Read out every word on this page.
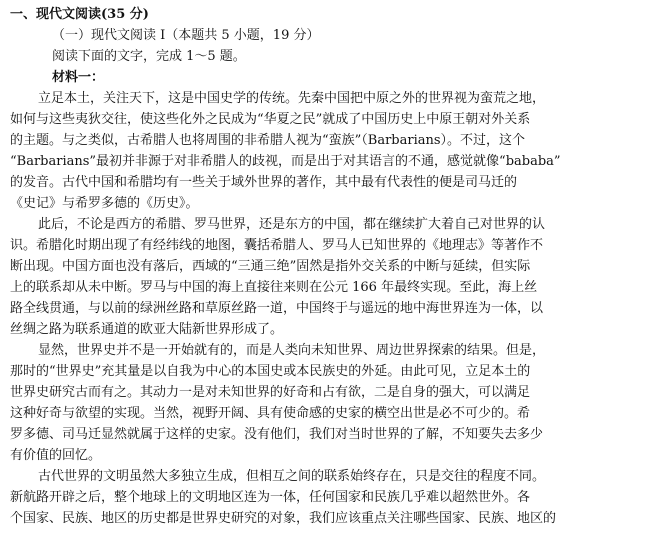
一、现代文阅读(35 分)
（一）现代文阅读 I（本题共 5 小题，19 分）
阅读下面的文字，完成 1～5 题。
材料一：
立足本土，关注天下，这是中国史学的传统。先秦中国把中原之外的世界视为蛮荒之地，
如何与这些夷狄交往，使这些化外之民成为“华夏之民”就成了中国历史上中原王朝对外关系
的主题。与之类似，古希腊人也将周围的非希腊人视为“蛮族”（Barbarians）。不过，这个
“Barbarians”最初并非源于对非希腊人的歧视，而是出于对其语言的不通，感觉就像“bababa”
的发音。古代中国和希腊均有一些关于域外世界的著作，其中最有代表性的便是司马迁的
《史记》与希罗多德的《历史》。
此后，不论是西方的希腊、罗马世界，还是东方的中国，都在继续扩大着自己对世界的认
识。希腊化时期出现了有经纬线的地图，囊括希腊人、罗马人已知世界的《地理志》等著作不
断出现。中国方面也没有落后，西域的“三通三绝”固然是指外交关系的中断与延续，但实际
上的联系却从未中断。罗马与中国的海上直接往来则在公元 166 年最终实现。至此，海上丝
路全线贯通，与以前的绿洲丝路和草原丝路一道，中国终于与遥远的地中海世界连为一体，以
丝绸之路为联系通道的欧亚大陆新世界形成了。
显然，世界史并不是一开始就有的，而是人类向未知世界、周边世界探索的结果。但是，
那时的“世界史”充其量是以自我为中心的本国史或本民族史的外延。由此可见，立足本土的
世界史研究古而有之。其动力一是对未知世界的好奇和占有欲，二是自身的强大，可以满足
这种好奇与欲望的实现。当然，视野开阔、具有使命感的史家的横空出世是必不可少的。希
罗多德、司马迁显然就属于这样的史家。没有他们，我们对当时世界的了解，不知要失去多少
有价值的回忆。
古代世界的文明虽然大多独立生成，但相互之间的联系始终存在，只是交往的程度不同。
新航路开辟之后，整个地球上的文明地区连为一体，任何国家和民族几乎难以超然世外。各
个国家、民族、地区的历史都是世界史研究的对象，我们应该重点关注哪些国家、民族、地区的
